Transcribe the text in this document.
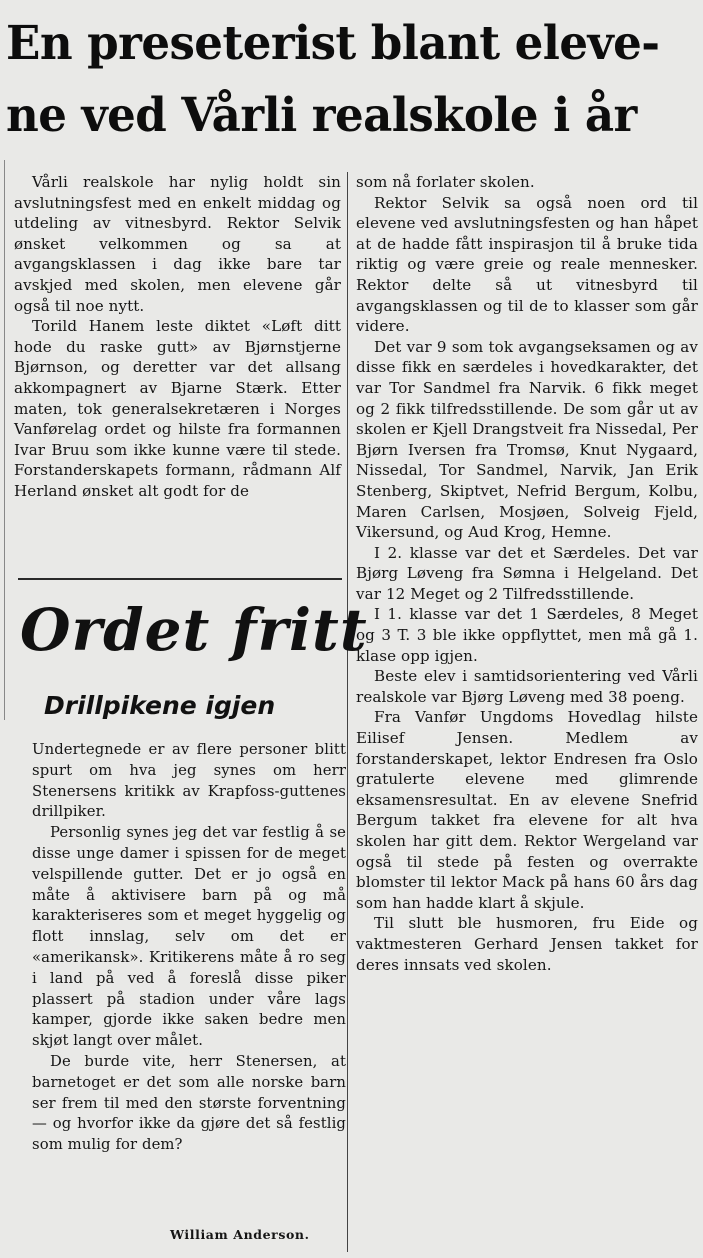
En preseterist blant eleve-
ne ved Vårli realskole i år

Vårli realskole har nylig holdt sin avslutningsfest med en enkelt middag og utdeling av vitnesbyrd. Rektor Selvik ønsket velkommen og sa at avgangsklassen i dag ikke bare tar avskjed med skolen, men elevene går også til noe nytt.

Torild Hanem leste diktet «Løft ditt hode du raske gutt» av Bjørnstjerne Bjørnson, og deretter var det allsang akkompagnert av Bjarne Stærk. Etter maten, tok generalsekretæren i Norges Vanførelag ordet og hilste fra formannen Ivar Bruu som ikke kunne være til stede. Forstanderskapets formann, rådmann Alf Herland ønsket alt godt for de

som nå forlater skolen.

Rektor Selvik sa også noen ord til elevene ved avslutningsfesten og han håpet at de hadde fått inspirasjon til å bruke tida riktig og være greie og reale mennesker. Rektor delte så ut vitnesbyrd til avgangsklassen og til de to klasser som går videre.

Det var 9 som tok avgangseksamen og av disse fikk en særdeles i hovedkarakter, det var Tor Sandmel fra Narvik. 6 fikk meget og 2 fikk tilfredsstillende. De som går ut av skolen er Kjell Drangstveit fra Nissedal, Per Bjørn Iversen fra Tromsø, Knut Nygaard, Nissedal, Tor Sandmel, Narvik, Jan Erik Stenberg, Skiptvet, Nefrid Bergum, Kolbu, Maren Carlsen, Mosjøen, Solveig Fjeld, Vikersund, og Aud Krog, Hemne.

I 2. klasse var det et Særdeles. Det var Bjørg Løveng fra Sømna i Helgeland. Det var 12 Meget og 2 Tilfredsstillende.

I 1. klasse var det 1 Særdeles, 8 Meget og 3 T. 3 ble ikke oppflyttet, men må gå 1. klase opp igjen.

Beste elev i samtidsorientering ved Vårli realskole var Bjørg Løveng med 38 poeng.

Fra Vanfør Ungdoms Hovedlag hilste Eilisef Jensen. Medlem av forstanderskapet, lektor Endresen fra Oslo gratulerte elevene med glimrende eksamensresultat. En av elevene Snefrid Bergum takket fra elevene for alt hva skolen har gitt dem. Rektor Wergeland var også til stede på festen og overrakte blomster til lektor Mack på hans 60 års dag som han hadde klart å skjule.

Til slutt ble husmoren, fru Eide og vaktmesteren Gerhard Jensen takket for deres innsats ved skolen.

Ordet fritt
Drillpikene igjen

Undertegnede er av flere personer blitt spurt om hva jeg synes om herr Stenersens kritikk av Krapfoss-guttenes drillpiker.

Personlig synes jeg det var festlig å se disse unge damer i spissen for de meget velspillende gutter. Det er jo også en måte å aktivisere barn på og må karakteriseres som et meget hyggelig og flott innslag, selv om det er «amerikansk». Kritikerens måte å ro seg i land på ved å foreslå disse piker plassert på stadion under våre lags kamper, gjorde ikke saken bedre men skjøt langt over målet.

De burde vite, herr Stenersen, at barnetoget er det som alle norske barn ser frem til med den største forventning — og hvorfor ikke da gjøre det så festlig som mulig for dem?

William Anderson.
